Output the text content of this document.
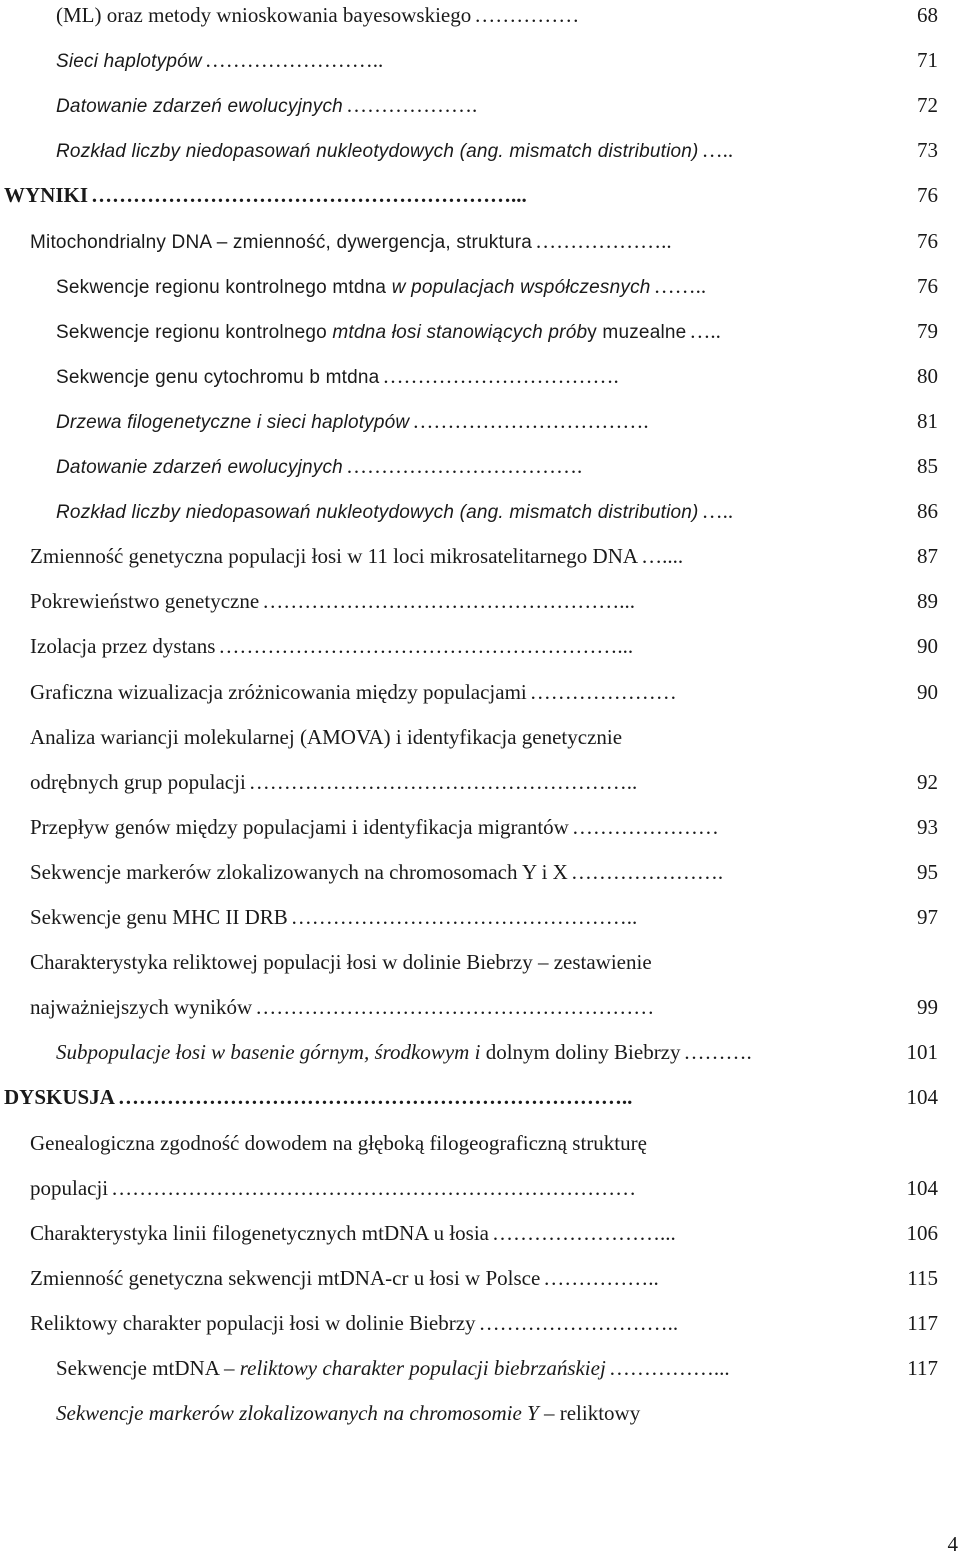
(ML) oraz metody wnioskowania bayesowskiego ……………	68
Sieci haplotypów ……………………..	71
Datowanie zdarzeń ewolucyjnych ……………….	72
Rozkład liczby niedopasowań nukleotydowych (ang. mismatch distribution) …..	73
WYNIKI ……………………………………………………...	76
Mitochondrialny DNA – zmienność, dywergencja, struktura ………………..	76
Sekwencje regionu kontrolnego mtdna w populacjach współczesnych ……..	76
Sekwencje regionu kontrolnego mtdna łosi stanowiących prób y muzealne …..	79
Sekwencje genu cytochromu b mtdna …………………………….	80
Drzewa filogenetyczne i sieci haplotypów …………………………….	81
Datowanie zdarzeń ewolucyjnych …………………………….	85
Rozkład liczby niedopasowań nukleotydowych (ang. mismatch distribution) …..	86
Zmienność genetyczna populacji łosi w 11 loci mikrosatelitarnego DNA …....	87
Pokrewieństwo genetyczne ……………………………………………...	89
Izolacja przez dystans …………………………………………………...	90
Graficzna wizualizacja zróżnicowania między populacjami …………………	90
Analiza wariancji molekularnej (AMOVA) i identyfikacja genetycznie
odrębnych grup populacji ………………………………………………..	92
Przepływ genów między populacjami i identyfikacja migrantów …………………	93
Sekwencje markerów zlokalizowanych na chromosomach Y i X ………………….	95
Sekwencje genu MHC II DRB …………………………………………..	97
Charakterystyka reliktowej populacji łosi w dolinie Biebrzy – zestawienie
najważniejszych wyników …………………………………………………	99
Subpopulacje łosi w basenie górnym, środkowym i dolnym doliny Biebrzy ……….	101
DYSKUSJA ………………………………………………………………..	104
Genealogiczna zgodność dowodem na głęboką filogeograficzną strukturę
populacji …………………………………………………………………	104
Charakterystyka linii filogenetycznych mtDNA u łosia ……………………...	106
Zmienność genetyczna sekwencji mtDNA-cr u łosi w Polsce ……………..	115
Reliktowy charakter populacji łosi w dolinie Biebrzy ………………………..	117
Sekwencje mtDNA – reliktowy charakter populacji biebrzańskiej ……………...	117
Sekwencje markerów zlokalizowanych na chromosomie Y – reliktowy
4
